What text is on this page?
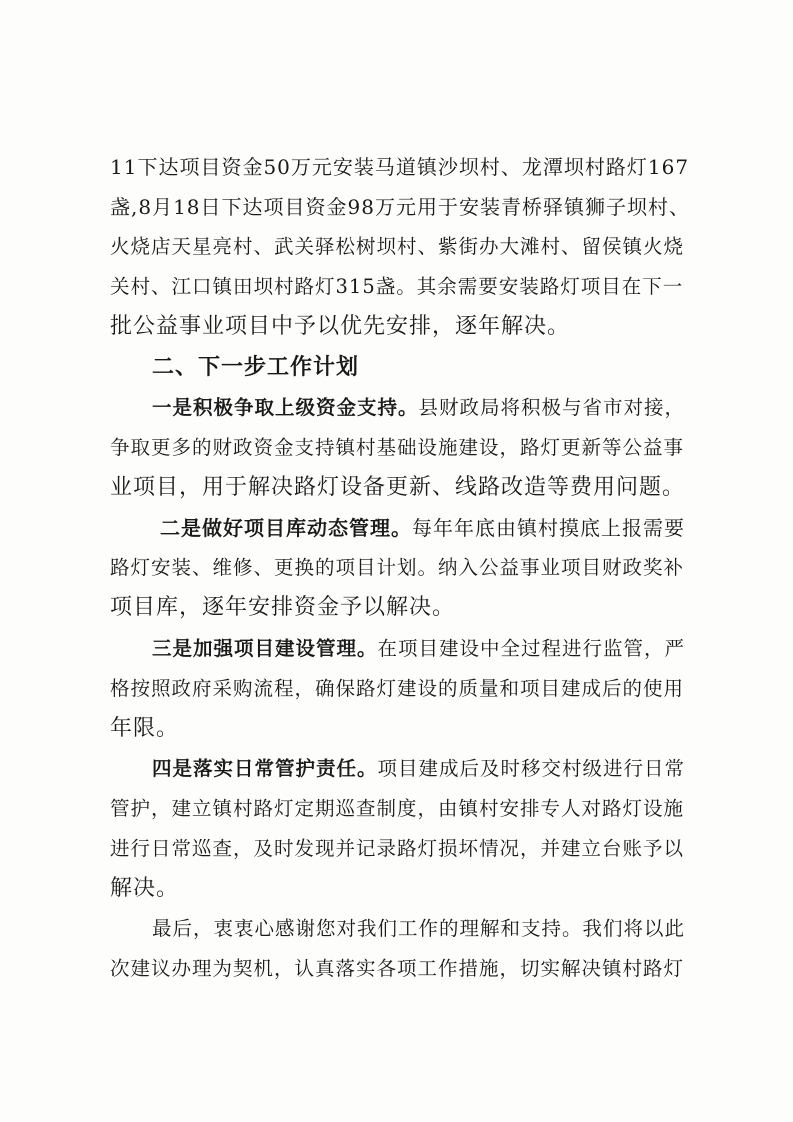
11下达项目资金50万元安装马道镇沙坝村、龙潭坝村路灯167
盏,8月18日下达项目资金98万元用于安装青桥驿镇狮子坝村、
火烧店天星亮村、武关驿松树坝村、紫街办大滩村、留侯镇火烧
关村、江口镇田坝村路灯315盏。其余需要安装路灯项目在下一
批公益事业项目中予以优先安排，逐年解决。
二、下一步工作计划
一是积极争取上级资金支持。县财政局将积极与省市对接，
争取更多的财政资金支持镇村基础设施建设，路灯更新等公益事
业项目，用于解决路灯设备更新、线路改造等费用问题。
二是做好项目库动态管理。每年年底由镇村摸底上报需要
路灯安装、维修、更换的项目计划。纳入公益事业项目财政奖补
项目库，逐年安排资金予以解决。
三是加强项目建设管理。在项目建设中全过程进行监管，严
格按照政府采购流程，确保路灯建设的质量和项目建成后的使用
年限。
四是落实日常管护责任。项目建成后及时移交村级进行日常
管护，建立镇村路灯定期巡查制度，由镇村安排专人对路灯设施
进行日常巡查，及时发现并记录路灯损坏情况，并建立台账予以
解决。
最后，衷衷心感谢您对我们工作的理解和支持。我们将以此
次建议办理为契机，认真落实各项工作措施，切实解决镇村路灯
